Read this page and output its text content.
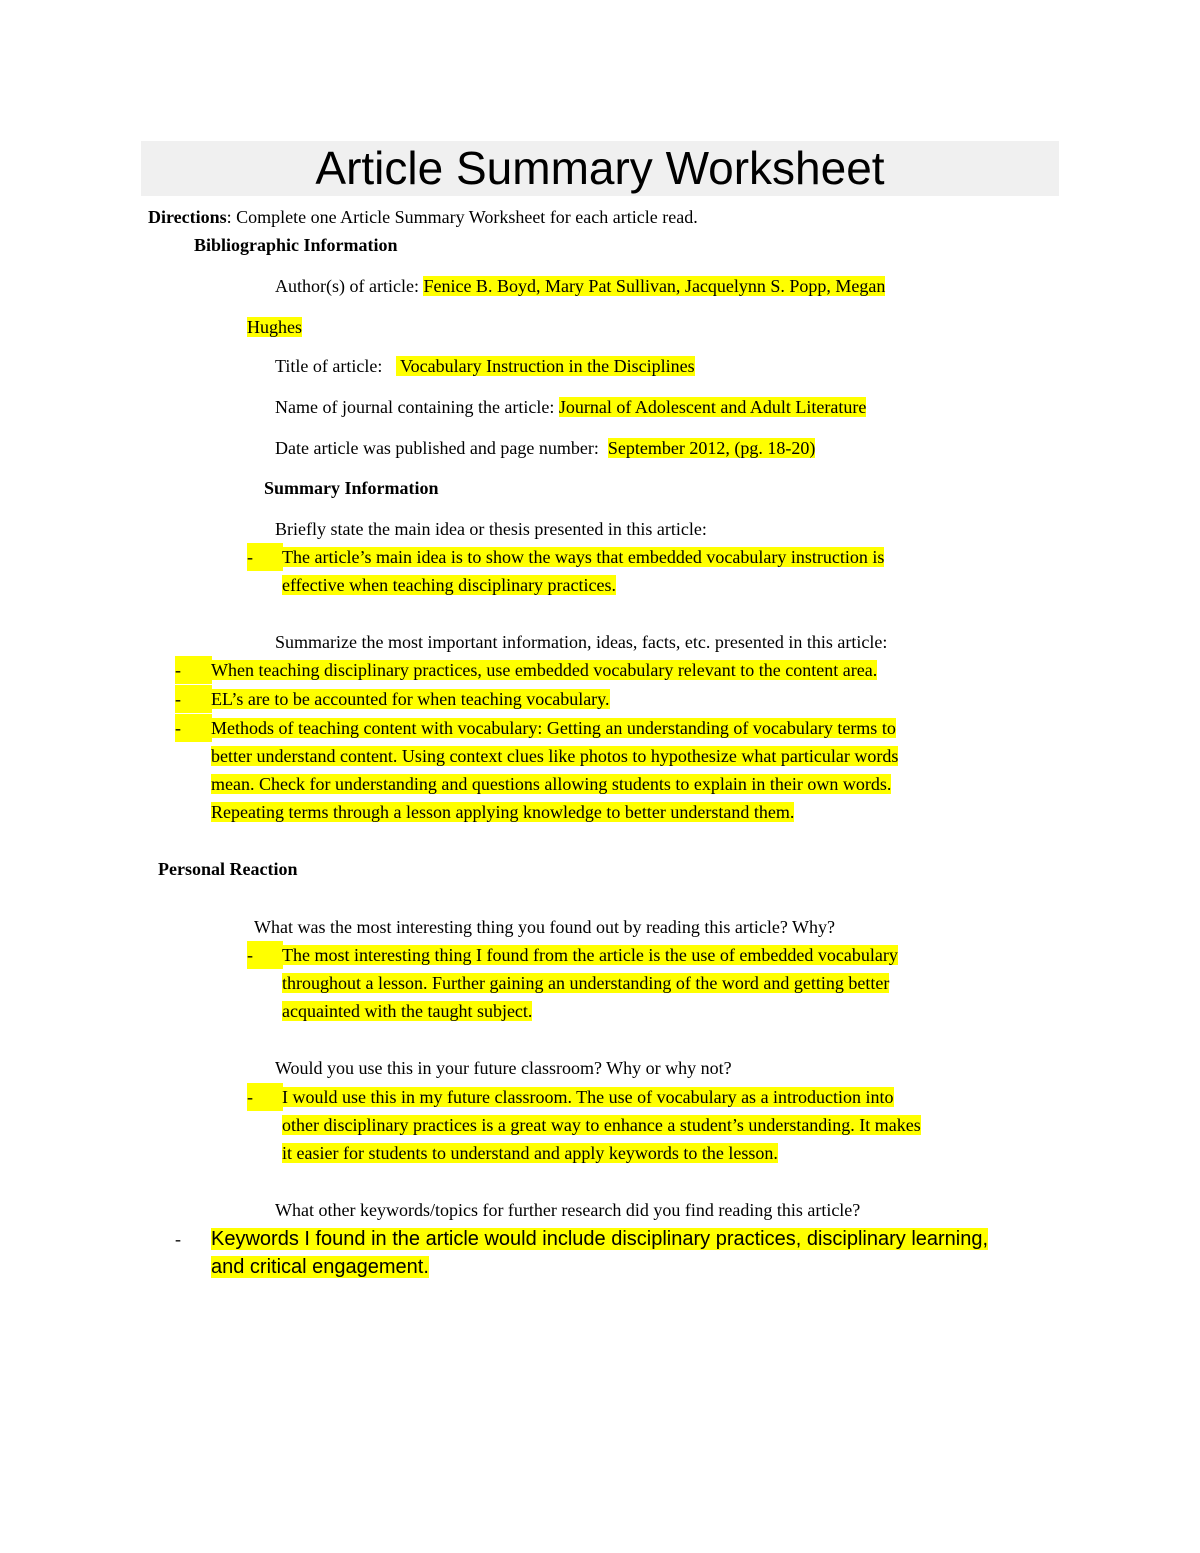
Article Summary Worksheet
Directions: Complete one Article Summary Worksheet for each article read.
Bibliographic Information
Author(s) of article: Fenice B. Boyd, Mary Pat Sullivan, Jacquelynn S. Popp, Megan
Hughes
Title of article:    Vocabulary Instruction in the Disciplines
Name of journal containing the article: Journal of Adolescent and Adult Literature
Date article was published and page number:  September 2012, (pg. 18-20)
Summary Information
Briefly state the main idea or thesis presented in this article:
-	The article’s main idea is to show the ways that embedded vocabulary instruction is
effective when teaching disciplinary practices.
Summarize the most important information, ideas, facts, etc. presented in this article:
-	When teaching disciplinary practices, use embedded vocabulary relevant to the content area.
-	EL’s are to be accounted for when teaching vocabulary.
-	Methods of teaching content with vocabulary: Getting an understanding of vocabulary terms to
better understand content. Using context clues like photos to hypothesize what particular words
mean. Check for understanding and questions allowing students to explain in their own words.
Repeating terms through a lesson applying knowledge to better understand them.
Personal Reaction
What was the most interesting thing you found out by reading this article? Why?
-	The most interesting thing I found from the article is the use of embedded vocabulary
throughout a lesson. Further gaining an understanding of the word and getting better
acquainted with the taught subject.
Would you use this in your future classroom? Why or why not?
-	I would use this in my future classroom. The use of vocabulary as a introduction into
other disciplinary practices is a great way to enhance a student’s understanding. It makes
it easier for students to understand and apply keywords to the lesson.
What other keywords/topics for further research did you find reading this article?
- Keywords I found in the article would include disciplinary practices, disciplinary learning,
and critical engagement.
